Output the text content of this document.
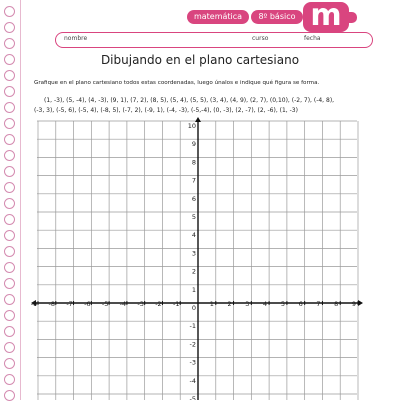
matemática	8º básico m
nombre	curso	fecha
Dibujando en el plano cartesiano
Grafique en el plano cartesiano todos estas coordenadas, luego únalos e indique qué figura se forma.
(1, -3), (5, -4), (4, -3), (9, 1), (7, 2), (8, 5), (5, 4), (5, 5), (3, 4), (4, 9), (2, 7), (0,10), (-2, 7), (-4, 8),
(-3, 3), (-5, 6), (-5, 4), (-8, 5), (-7, 2), (-9, 1), (-4, -3), (-5,-4), (0, -3), (2, -7), (2, -6), (1, -3)
-9 -8 -7 -6 -5 -4 -3 -2 -1	1 2 3 4 5 6 7 8 9
10
9
8
7
6
5
4
3
2
1
0
-1
-2
-3
-4
-5
